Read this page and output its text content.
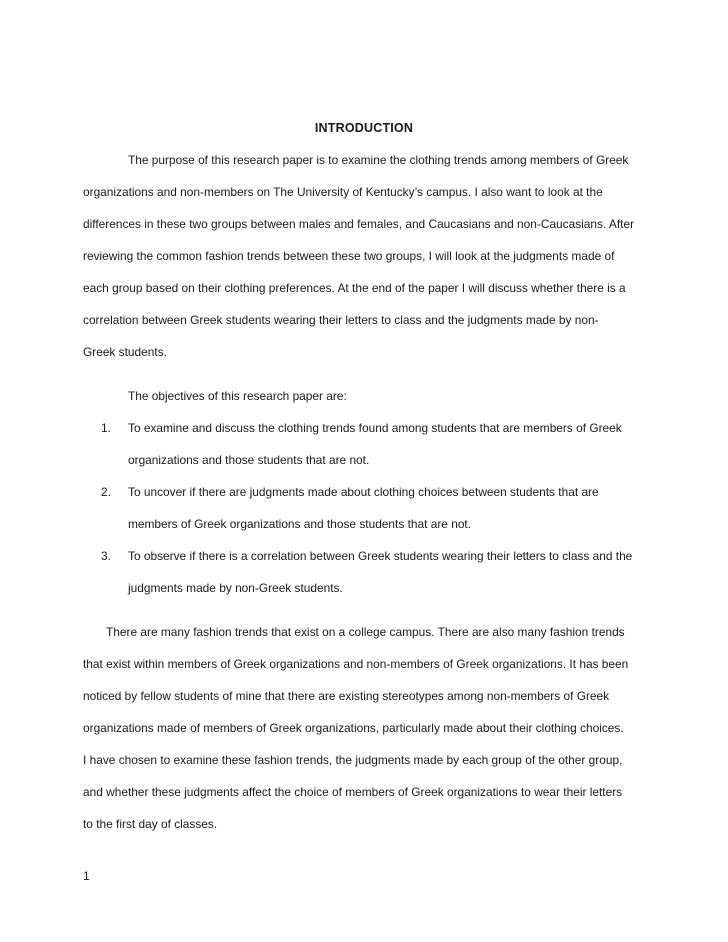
INTRODUCTION
The purpose of this research paper is to examine the clothing trends among members of Greek
organizations and non-members on The University of Kentucky’s campus. I also want to look at the
differences in these two groups between males and females, and Caucasians and non-Caucasians. After
reviewing the common fashion trends between these two groups, I will look at the judgments made of
each group based on their clothing preferences. At the end of the paper I will discuss whether there is a
correlation between Greek students wearing their letters to class and the judgments made by non-
Greek students.
The objectives of this research paper are:
1. To examine and discuss the clothing trends found among students that are members of Greek
organizations and those students that are not.
2. To uncover if there are judgments made about clothing choices between students that are
members of Greek organizations and those students that are not.
3. To observe if there is a correlation between Greek students wearing their letters to class and the
judgments made by non-Greek students.
There are many fashion trends that exist on a college campus. There are also many fashion trends
that exist within members of Greek organizations and non-members of Greek organizations. It has been
noticed by fellow students of mine that there are existing stereotypes among non-members of Greek
organizations made of members of Greek organizations, particularly made about their clothing choices.
I have chosen to examine these fashion trends, the judgments made by each group of the other group,
and whether these judgments affect the choice of members of Greek organizations to wear their letters
to the first day of classes.
1
